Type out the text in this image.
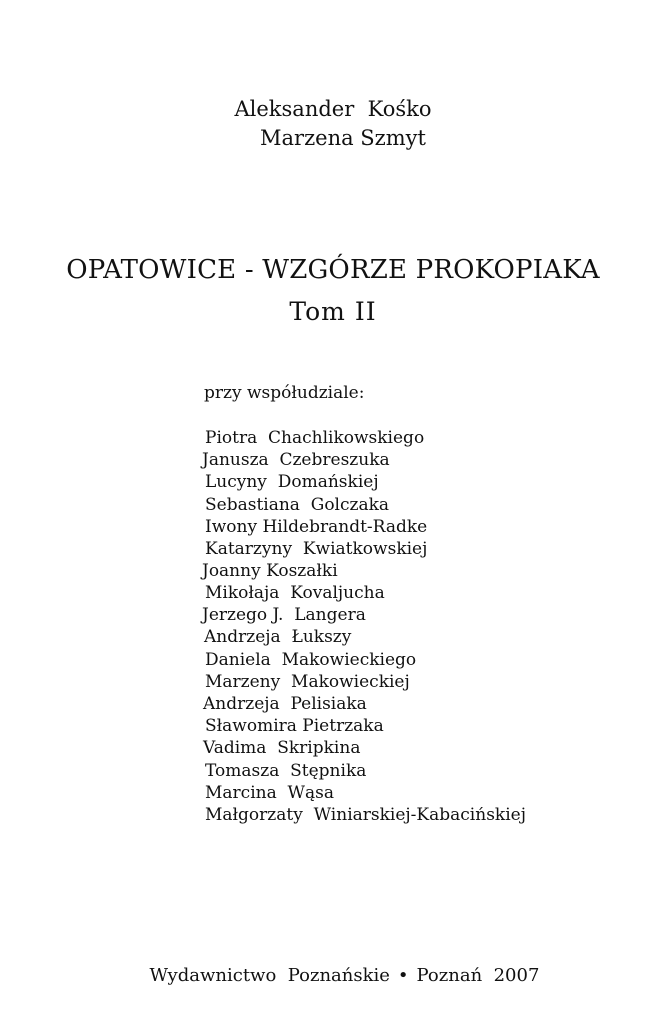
Aleksander  Kośko
Marzena Szmyt
OPATOWICE - WZGÓRZE PROKOPIAKA
Tom II
przy współudziale:
Piotra  Chachlikowskiego
Janusza  Czebreszuka
Lucyny  Domańskiej
Sebastiana  Golczaka
Iwony Hildebrandt-Radke
Katarzyny  Kwiatkowskiej
Joanny Koszałki
Mikołaja  Kovaljucha
Jerzego J.  Langera
Andrzeja  Łukszy
Daniela  Makowieckiego
Marzeny  Makowieckiej
Andrzeja  Pelisiaka
Sławomira Pietrzaka
Vadima  Skripkina
Tomasza  Stępnika
Marcina  Wąsa
Małgorzaty  Winiarskiej-Kabacińskiej

Wydawnictwo  Poznańskie • Poznań  2007
